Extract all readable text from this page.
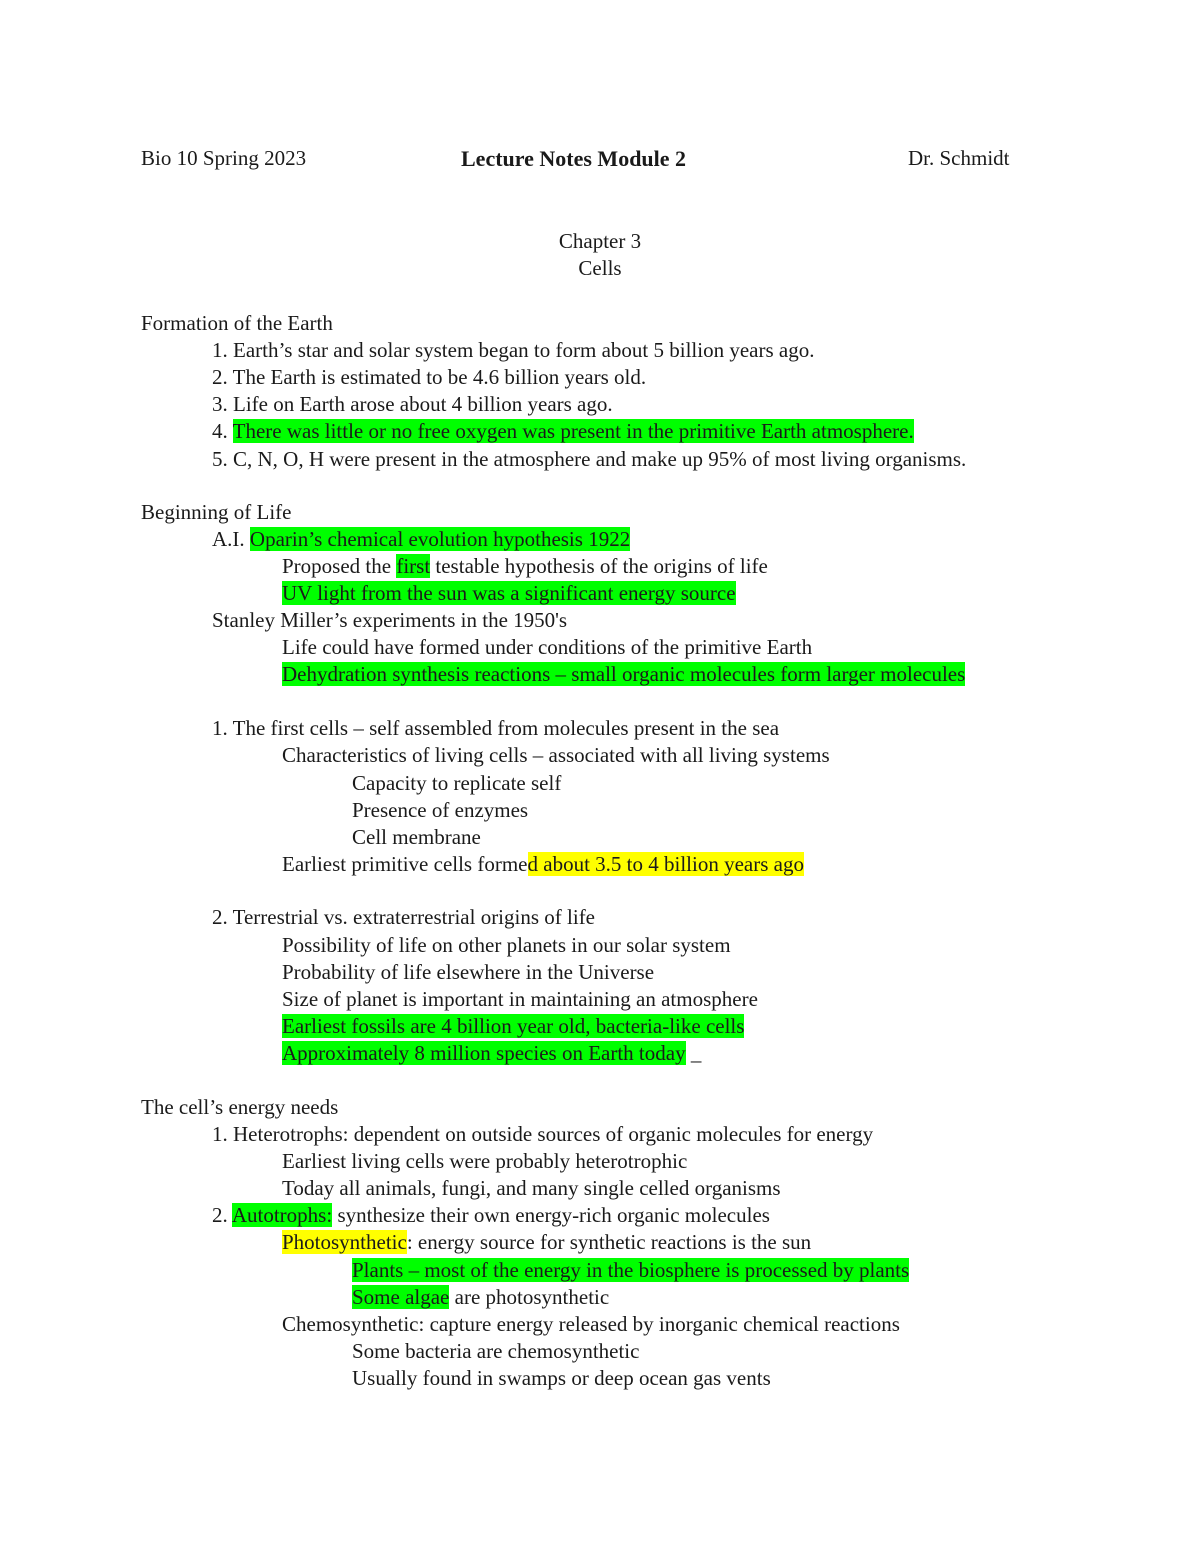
Bio 10 Spring 2023	Lecture Notes Module 2	Dr. Schmidt
Chapter 3
Cells
Formation of the Earth
1. Earth’s star and solar system began to form about 5 billion years ago.
2. The Earth is estimated to be 4.6 billion years old.
3. Life on Earth arose about 4 billion years ago.
4. There was little or no free oxygen was present in the primitive Earth atmosphere.
5. C, N, O, H were present in the atmosphere and make up 95% of most living organisms.
Beginning of Life
A.I. Oparin’s chemical evolution hypothesis 1922
Proposed the first testable hypothesis of the origins of life
UV light from the sun was a significant energy source
Stanley Miller’s experiments in the 1950's
Life could have formed under conditions of the primitive Earth
Dehydration synthesis reactions – small organic molecules form larger molecules
1. The first cells – self assembled from molecules present in the sea
Characteristics of living cells – associated with all living systems
Capacity to replicate self
Presence of enzymes
Cell membrane
Earliest primitive cells formed about 3.5 to 4 billion years ago
2. Terrestrial vs. extraterrestrial origins of life
Possibility of life on other planets in our solar system
Probability of life elsewhere in the Universe
Size of planet is important in maintaining an atmosphere
Earliest fossils are 4 billion year old, bacteria-like cells
Approximately 8 million species on Earth today _
The cell’s energy needs
1. Heterotrophs: dependent on outside sources of organic molecules for energy
Earliest living cells were probably heterotrophic
Today all animals, fungi, and many single celled organisms
2. Autotrophs: synthesize their own energy-rich organic molecules
Photosynthetic: energy source for synthetic reactions is the sun
Plants – most of the energy in the biosphere is processed by plants
Some algae are photosynthetic
Chemosynthetic: capture energy released by inorganic chemical reactions
Some bacteria are chemosynthetic
Usually found in swamps or deep ocean gas vents
